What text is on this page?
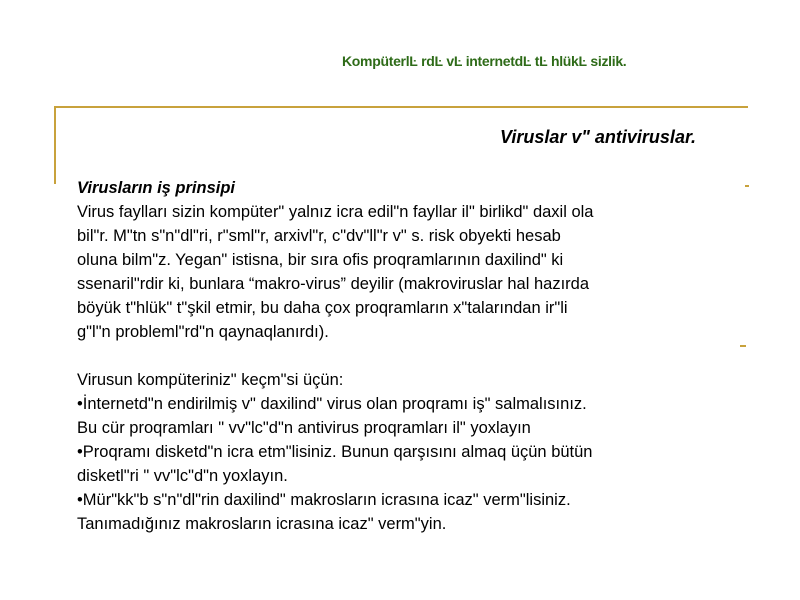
KompüterlĿ rdĿ vĿ internetdĿ tĿ hlükĿ sizlik.
Viruslar v" antiviruslar.
Virusların iş prinsipi
Virus faylları sizin kompüter" yalnız icra edil"n fayllar il" birlikd" daxil ola
bil"r. M"tn s"n"dl"ri, r"sml"r, arxivl"r, c"dv"ll"r v" s. risk obyekti hesab
oluna bilm"z. Yegan" istisna, bir sıra ofis proqramlarının daxilind" ki
ssenaril"rdir ki, bunlara “makro-virus” deyilir (makroviruslar hal hazırda
böyük t"hlük" t"şkil etmir, bu daha çox proqramların x"talarından ir"li
g"l"n probleml"rd"n qaynaqlanırdı).
Virusun kompüteriniz" keçm"si üçün:
•İnternetd"n endirilmiş v" daxilind" virus olan proqramı iş" salmalısınız.
Bu cür proqramları " vv"lc"d"n antivirus proqramları il" yoxlayın
•Proqramı disketd"n icra etm"lisiniz. Bunun qarşısını almaq üçün bütün
disketl"ri " vv"lc"d"n yoxlayın.
•Mür"kk"b s"n"dl"rin daxilind" makrosların icrasına icaz" verm"lisiniz.
Tanımadığınız makrosların icrasına icaz" verm"yin.
